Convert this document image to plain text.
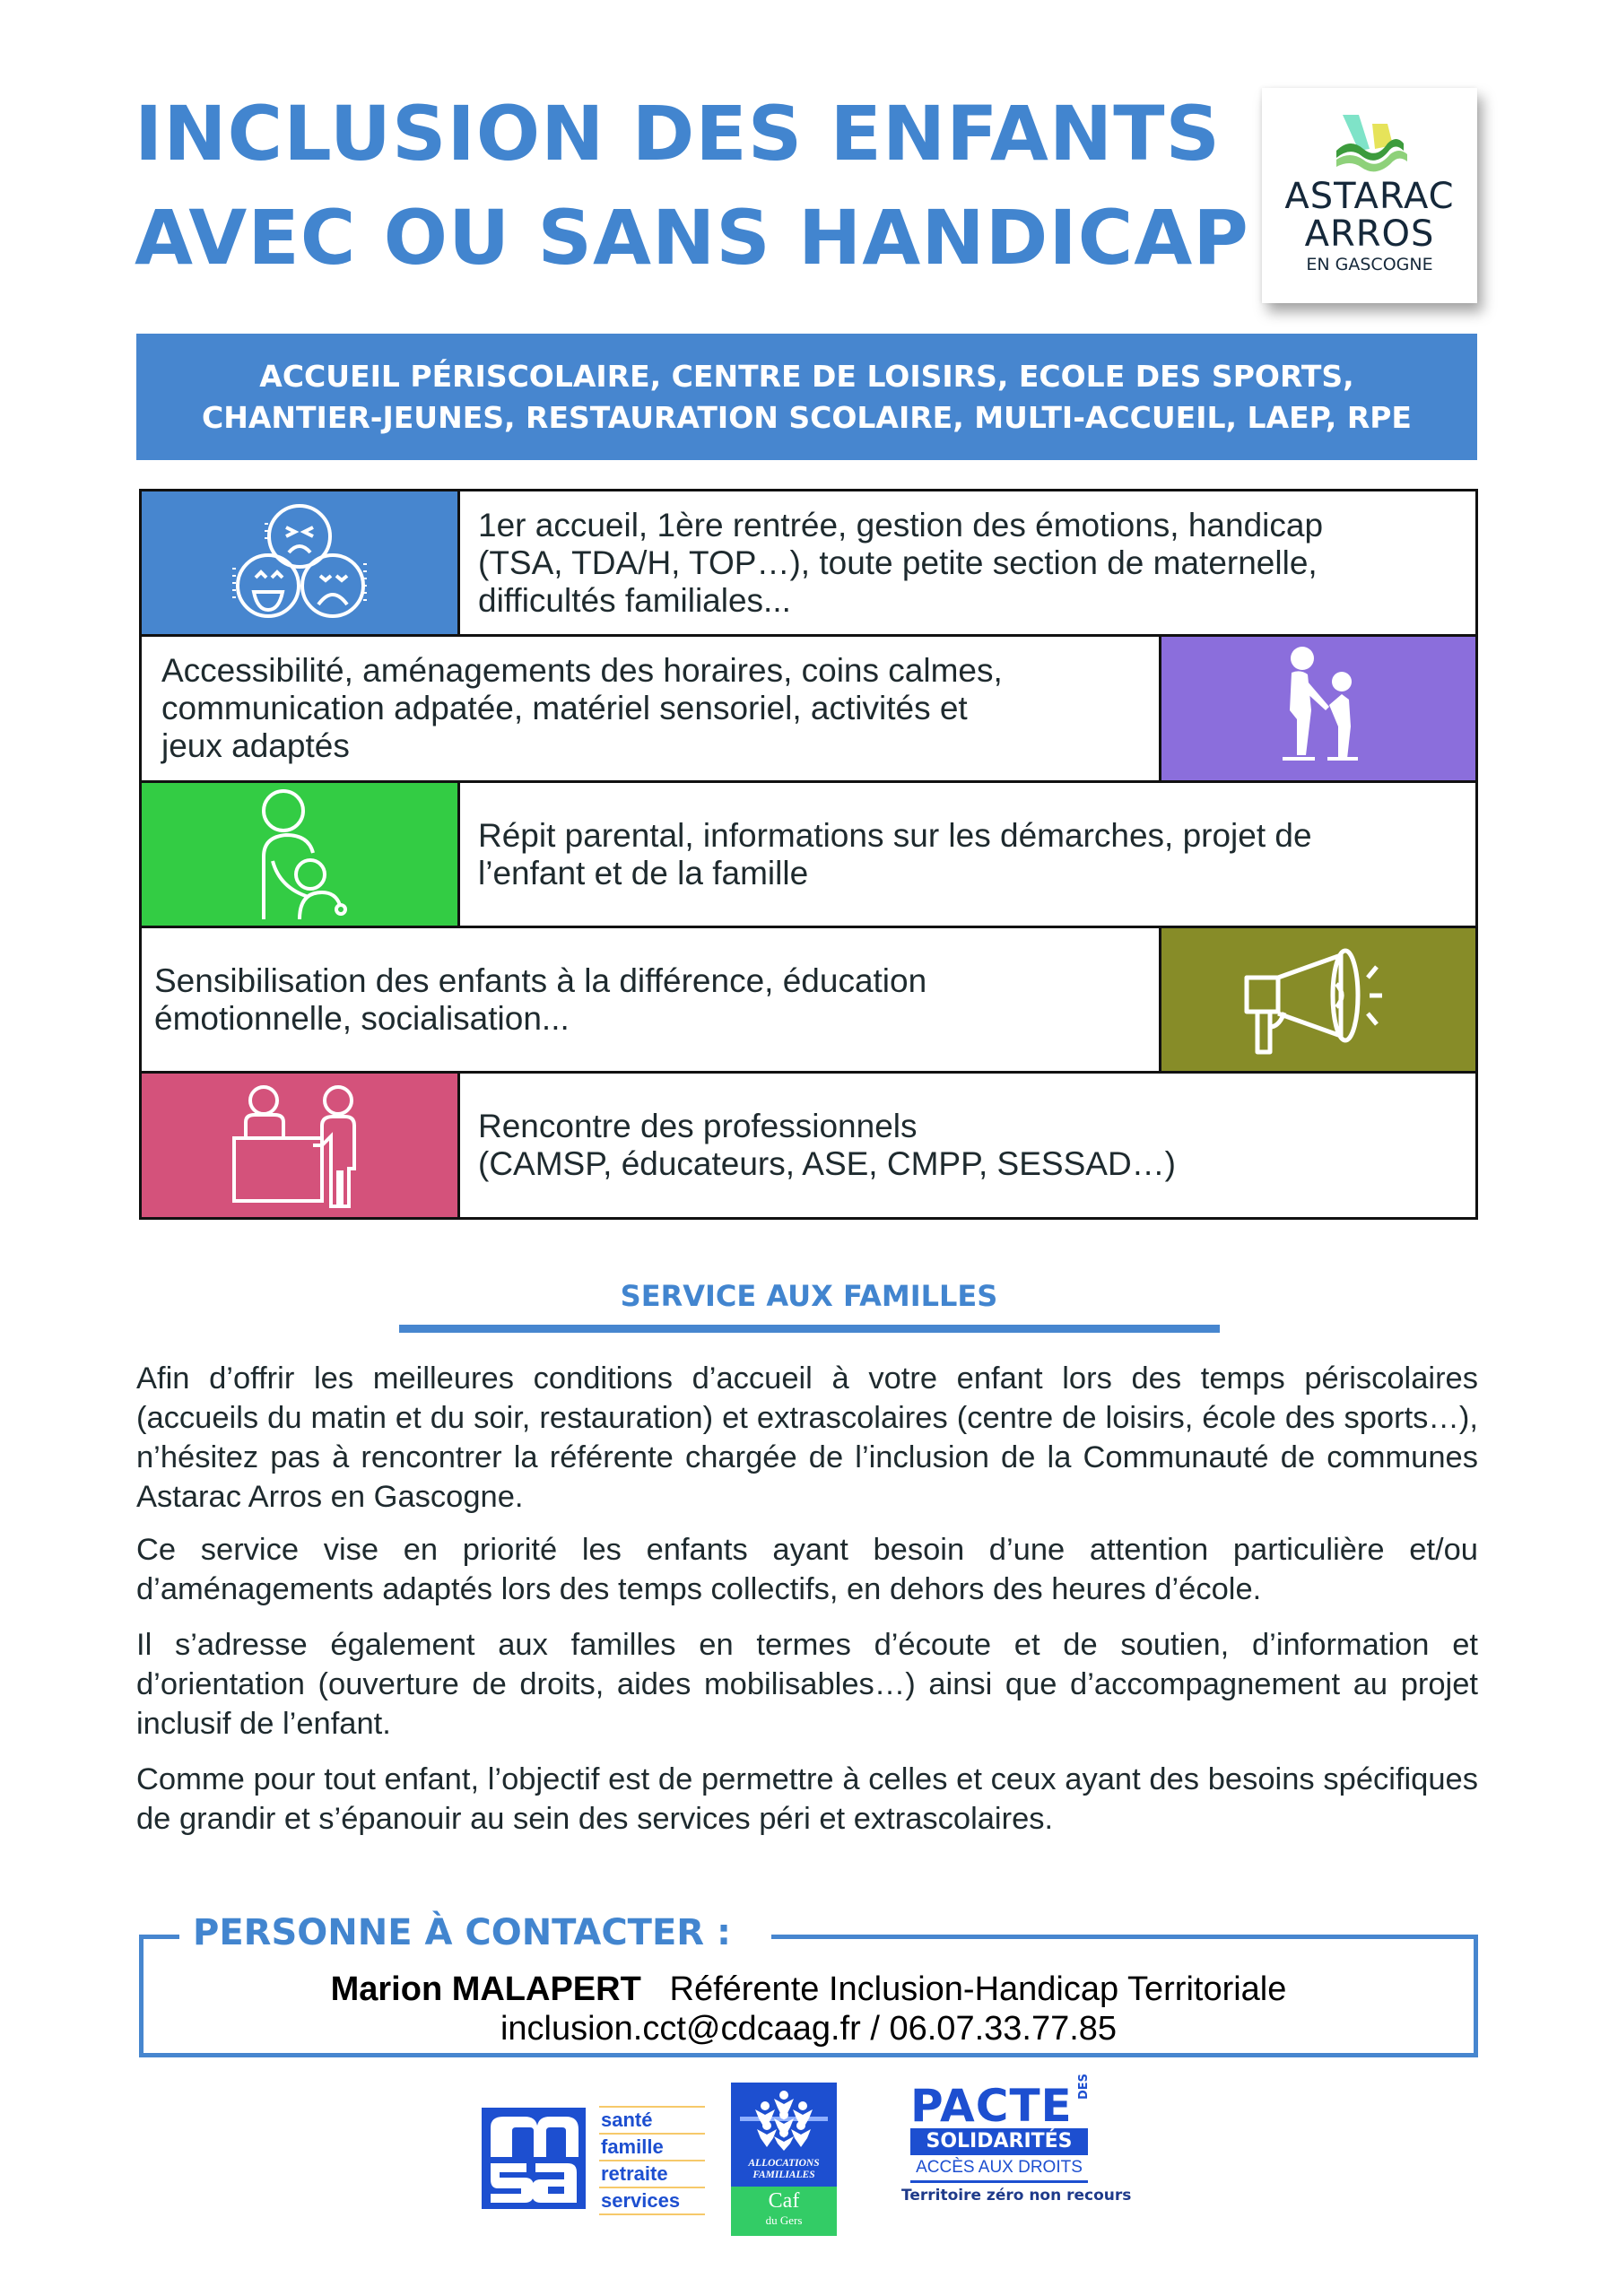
INCLUSION DES ENFANTS
AVEC OU SANS HANDICAP ASTARAC
ARROS
EN GASCOGNE
ACCUEIL PÉRISCOLAIRE, CENTRE DE LOISIRS, ECOLE DES SPORTS,
CHANTIER-JEUNES, RESTAURATION SCOLAIRE, MULTI-ACCUEIL, LAEP, RPE
1er accueil, 1ère rentrée, gestion des émotions, handicap
(TSA, TDA/H, TOP…), toute petite section de maternelle,
difficultés familiales...
Accessibilité, aménagements des horaires, coins calmes,
communication adpatée, matériel sensoriel, activités et
jeux adaptés
Répit parental, informations sur les démarches, projet de
l’enfant et de la famille
Sensibilisation des enfants à la différence, éducation
émotionnelle, socialisation...
Rencontre des professionnels
(CAMSP, éducateurs, ASE, CMPP, SESSAD…)
SERVICE AUX FAMILLES
Afin d’offrir les meilleures conditions d’accueil à votre enfant lors des temps périscolaires (accueils du matin et du soir, restauration) et extrascolaires (centre de loisirs, école des sports…), n’hésitez pas à rencontrer la référente chargée de l’inclusion de la Communauté de communes Astarac Arros en Gascogne.
Ce service vise en priorité les enfants ayant besoin d’une attention particulière et/ou d’aménagements adaptés lors des temps collectifs, en dehors des heures d’école.
Il s’adresse également aux familles en termes d’écoute et de soutien, d’information et d’orientation (ouverture de droits, aides mobilisables…) ainsi que d’accompagnement au projet inclusif de l’enfant.
Comme pour tout enfant, l’objectif est de permettre à celles et ceux ayant des besoins spécifiques de grandir et s’épanouir au sein des services péri et extrascolaires.
PERSONNE À CONTACTER :
Marion MALAPERT Référente Inclusion-Handicap Territoriale
inclusion.cct@cdcaag.fr / 06.07.33.77.85
santé
famille
retraite
services
ALLOCATIONS
FAMILIALES
Caf
du Gers
PACTE DES
SOLIDARITÉS
ACCÈS AUX DROITS
Territoire zéro non recours
